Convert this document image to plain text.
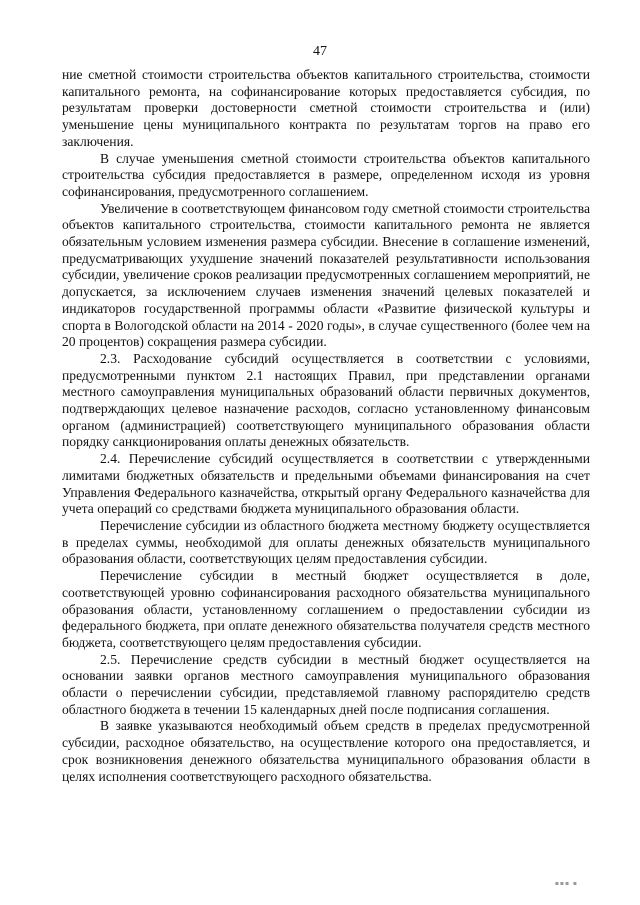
47

ние сметной стоимости строительства объектов капитального строительства, стоимости капитального ремонта, на софинансирование которых предоставляется субсидия, по результатам проверки достоверности сметной стоимости строительства и (или) уменьшение цены муниципального контракта по результатам торгов на право его заключения.

В случае уменьшения сметной стоимости строительства объектов капитального строительства субсидия предоставляется в размере, определенном исходя из уровня софинансирования, предусмотренного соглашением.

Увеличение в соответствующем финансовом году сметной стоимости строительства объектов капитального строительства, стоимости капитального ремонта не является обязательным условием изменения размера субсидии. Внесение в соглашение изменений, предусматривающих ухудшение значений показателей результативности использования субсидии, увеличение сроков реализации предусмотренных соглашением мероприятий, не допускается, за исключением случаев изменения значений целевых показателей и индикаторов государственной программы области «Развитие физической культуры и спорта в Вологодской области на 2014 - 2020 годы», в случае существенного (более чем на 20 процентов) сокращения размера субсидии.

2.3. Расходование субсидий осуществляется в соответствии с условиями, предусмотренными пунктом 2.1 настоящих Правил, при представлении органами местного самоуправления муниципальных образований области первичных документов, подтверждающих целевое назначение расходов, согласно установленному финансовым органом (администрацией) соответствующего муниципального образования области порядку санкционирования оплаты денежных обязательств.

2.4. Перечисление субсидий осуществляется в соответствии с утвержденными лимитами бюджетных обязательств и предельными объемами финансирования на счет Управления Федерального казначейства, открытый органу Федерального казначейства для учета операций со средствами бюджета муниципального образования области.

Перечисление субсидии из областного бюджета местному бюджету осуществляется в пределах суммы, необходимой для оплаты денежных обязательств муниципального образования области, соответствующих целям предоставления субсидии.

Перечисление субсидии в местный бюджет осуществляется в доле, соответствующей уровню софинансирования расходного обязательства муниципального образования области, установленному соглашением о предоставлении субсидии из федерального бюджета, при оплате денежного обязательства получателя средств местного бюджета, соответствующего целям предоставления субсидии.

2.5. Перечисление средств субсидии в местный бюджет осуществляется на основании заявки органов местного самоуправления муниципального образования области о перечислении субсидии, представляемой главному распорядителю средств областного бюджета в течении 15 календарных дней после подписания соглашения.

В заявке указываются необходимый объем средств в пределах предусмотренной субсидии, расходное обязательство, на осуществление которого она предоставляется, и срок возникновения денежного обязательства муниципального образования области в целях исполнения соответствующего расходного обязательства.

▪▪▪ ▪
